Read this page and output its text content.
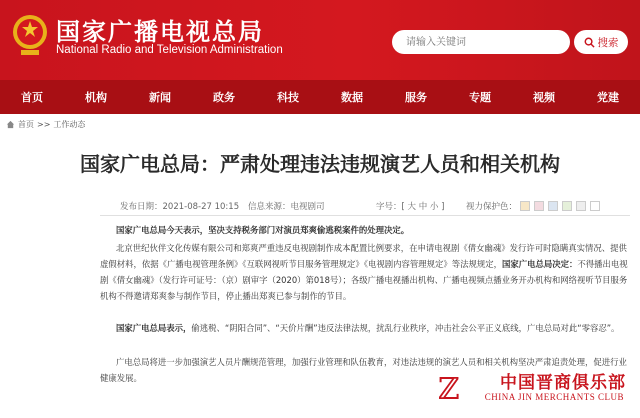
国家广播电视总局
National Radio and Television Administration
请输入关键词
搜索
首页	机构	新闻	政务	科技	数据	服务	专题	视频	党建
首页 >> 工作动态
国家广电总局：严肃处理违法违规演艺人员和相关机构
发布日期：2021-08-27 10:15 信息来源：电视剧司	字号：[ 大 中 小 ]	视力保护色：
国家广电总局今天表示，坚决支持税务部门对演员郑爽偷逃税案件的处理决定。
北京世纪伙伴文化传媒有限公司和郑爽严重违反电视剧制作成本配置比例要求，在申请电视剧《倩女幽魂》发行许可时隐瞒真实情况、提供虚假材料，依据《广播电视管理条例》《互联网视听节目服务管理规定》《电视剧内容管理规定》等法规规定，国家广电总局决定：不得播出电视剧《倩女幽魂》（发行许可证号：（京）剧审字（2020）第018号）；各级广播电视播出机构、广播电视频点播业务开办机构和网络视听节目服务机构不得邀请郑爽参与制作节目，停止播出郑爽已参与制作的节目。
国家广电总局表示，偷逃税、“阴阳合同”、“天价片酬”违反法律法规，扰乱行业秩序，冲击社会公平正义底线，广电总局对此“零容忍”。
广电总局将进一步加强演艺人员片酬规范管理，加强行业管理和队伍教育，对违法违规的演艺人员和相关机构坚决严肃追责处理，促进行业健康发展。	ℤ 中国晋商俱乐部
CHINA JIN MERCHANTS CLUB
